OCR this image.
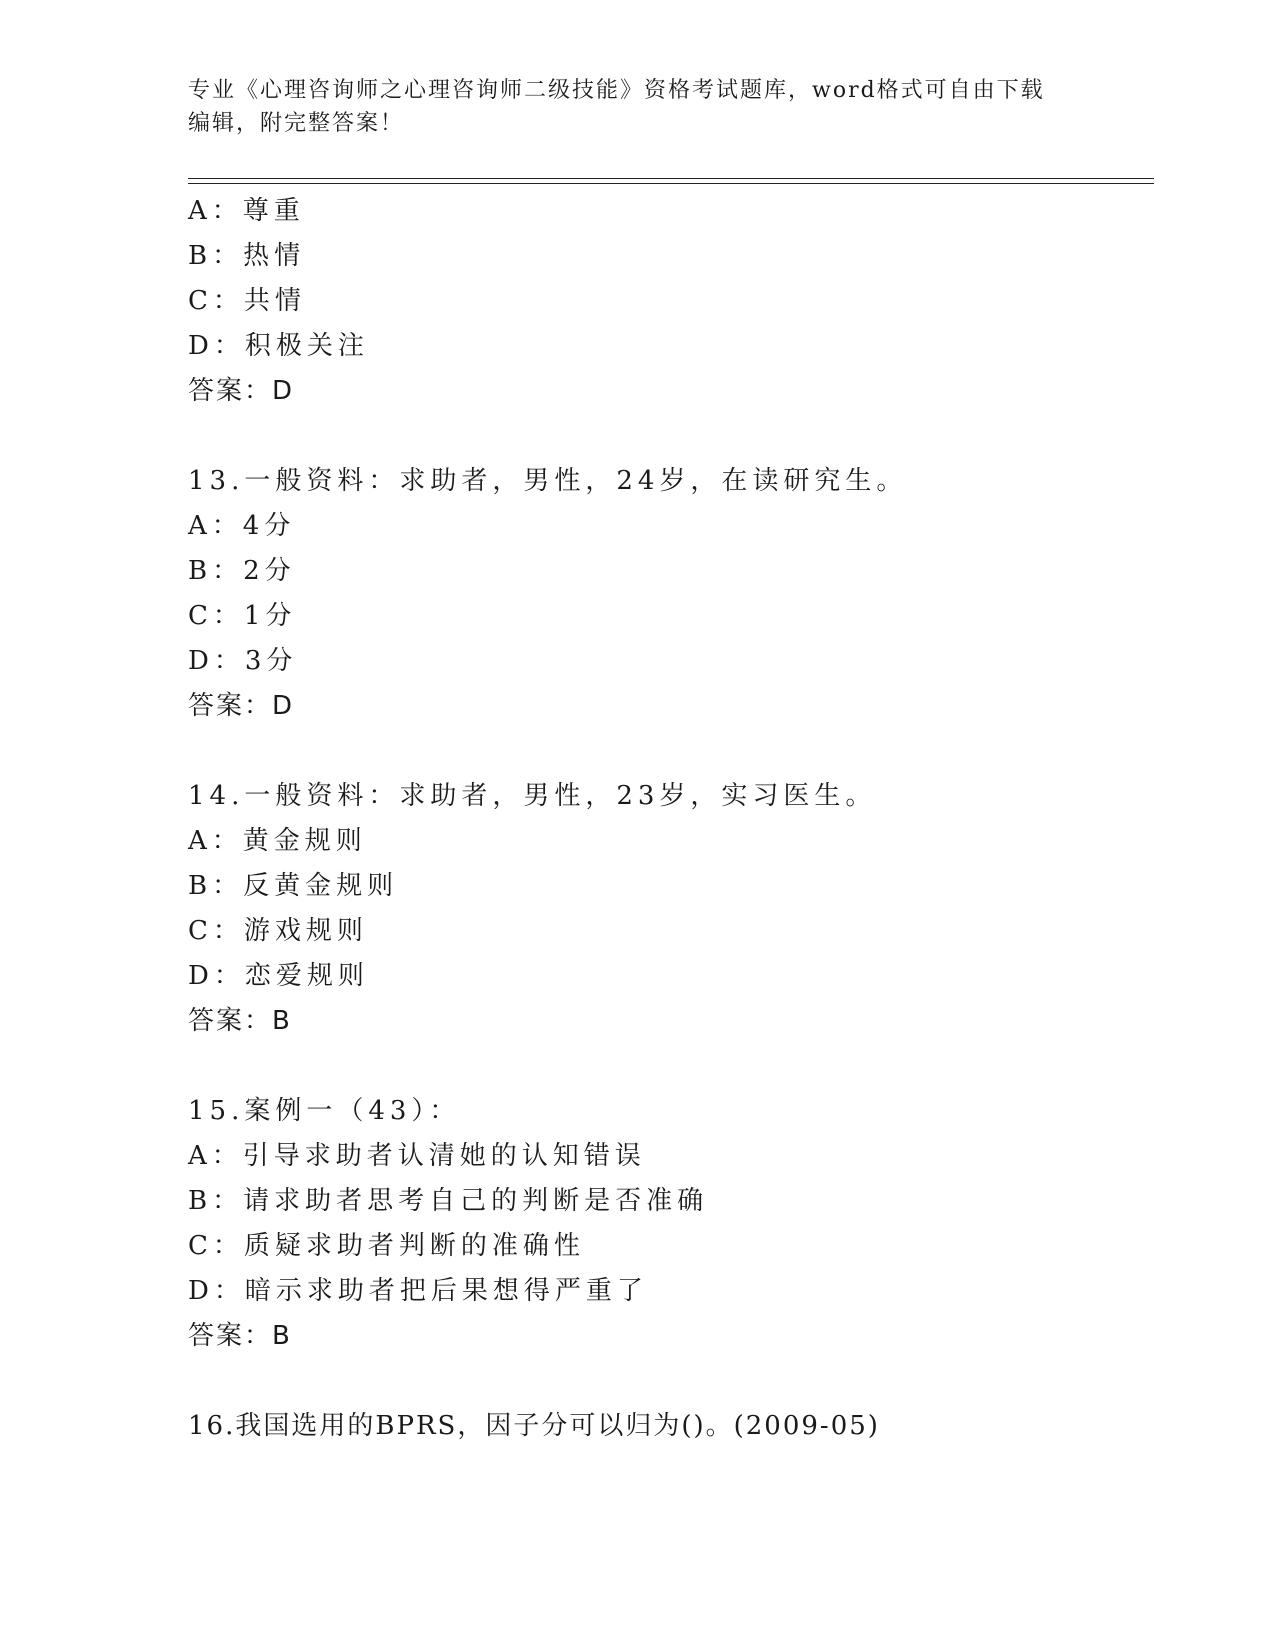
专业《心理咨询师之心理咨询师二级技能》资格考试题库，word格式可自由下载
编辑，附完整答案！
A：尊重
B：热情
C：共情
D：积极关注
答案：D
13.一般资料：求助者，男性，24岁，在读研究生。
A：4分
B：2分
C：1分
D：3分
答案：D
14.一般资料：求助者，男性，23岁，实习医生。
A：黄金规则
B：反黄金规则
C：游戏规则
D：恋爱规则
答案：B
15.案例一（43）：
A：引导求助者认清她的认知错误
B：请求助者思考自己的判断是否准确
C：质疑求助者判断的准确性
D：暗示求助者把后果想得严重了
答案：B
16.我国选用的BPRS，因子分可以归为()。(2009-05)
